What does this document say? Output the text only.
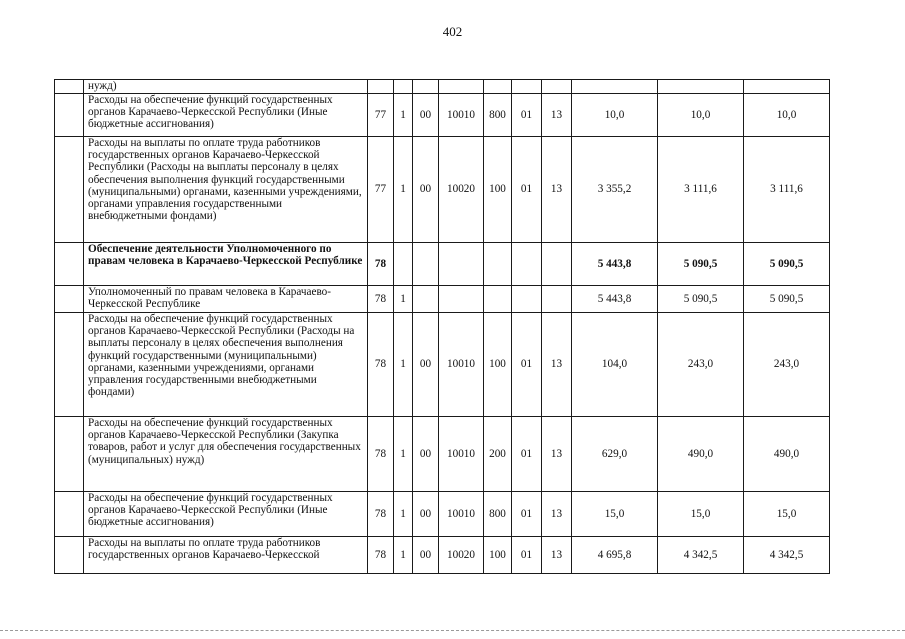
402
	нужд)										
	Расходы на обеспечение функций государственных органов Карачаево-Черкесской Республики (Иные бюджетные ассигнования)	77	1	00	10010	800	01	13	10,0	10,0	10,0
	Расходы на выплаты по оплате труда работников государственных органов Карачаево-Черкесской Республики (Расходы на выплаты персоналу в целях обеспечения выполнения функций государственными (муниципальными) органами, казенными учреждениями, органами управления государственными внебюджетными фондами)	77	1	00	10020	100	01	13	3 355,2	3 111,6	3 111,6
	Обеспечение деятельности Уполномоченного по правам человека в Карачаево-Черкесской Республике	78							5 443,8	5 090,5	5 090,5
	Уполномоченный по правам человека в Карачаево-Черкесской Республике	78	1						5 443,8	5 090,5	5 090,5
	Расходы на обеспечение функций государственных органов Карачаево-Черкесской Республики (Расходы на выплаты персоналу в целях обеспечения выполнения функций государственными (муниципальными) органами, казенными учреждениями, органами управления государственными внебюджетными фондами)	78	1	00	10010	100	01	13	104,0	243,0	243,0
	Расходы на обеспечение функций государственных органов Карачаево-Черкесской Республики (Закупка товаров, работ и услуг для обеспечения государственных (муниципальных) нужд)	78	1	00	10010	200	01	13	629,0	490,0	490,0
	Расходы на обеспечение функций государственных органов Карачаево-Черкесской Республики (Иные бюджетные ассигнования)	78	1	00	10010	800	01	13	15,0	15,0	15,0
	Расходы на выплаты по оплате труда работников государственных органов Карачаево-Черкесской	78	1	00	10020	100	01	13	4 695,8	4 342,5	4 342,5
